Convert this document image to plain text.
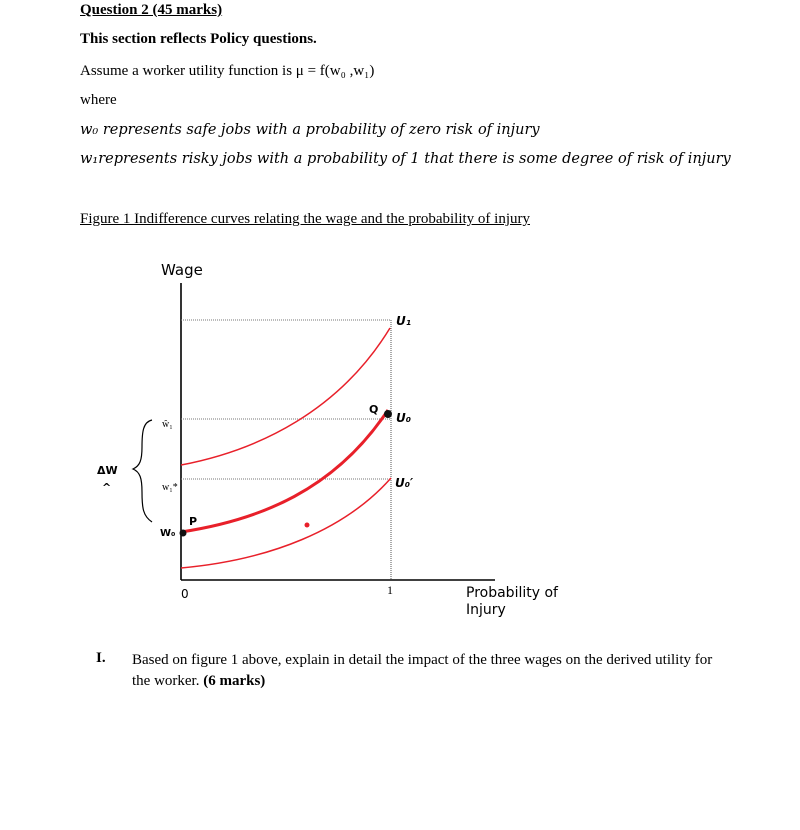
Question 2 (45 marks)
This section reflects Policy questions.
Assume a worker utility function is μ = f(w₀ ,w₁)
where
w₀ represents safe jobs with a probability of zero risk of injury
w₁represents risky jobs with a probability of 1 that there is some degree of risk of injury
Figure 1 Indifference curves relating the wage and the probability of injury
Wage
Probability of
Injury
0	1
ΔW
^
ŵ₁
w₁*
W₀
P
Q
U₁
U₀
U₀′
I. Based on figure 1 above, explain in detail the impact of the three wages on the derived utility for the worker. (6 marks)
